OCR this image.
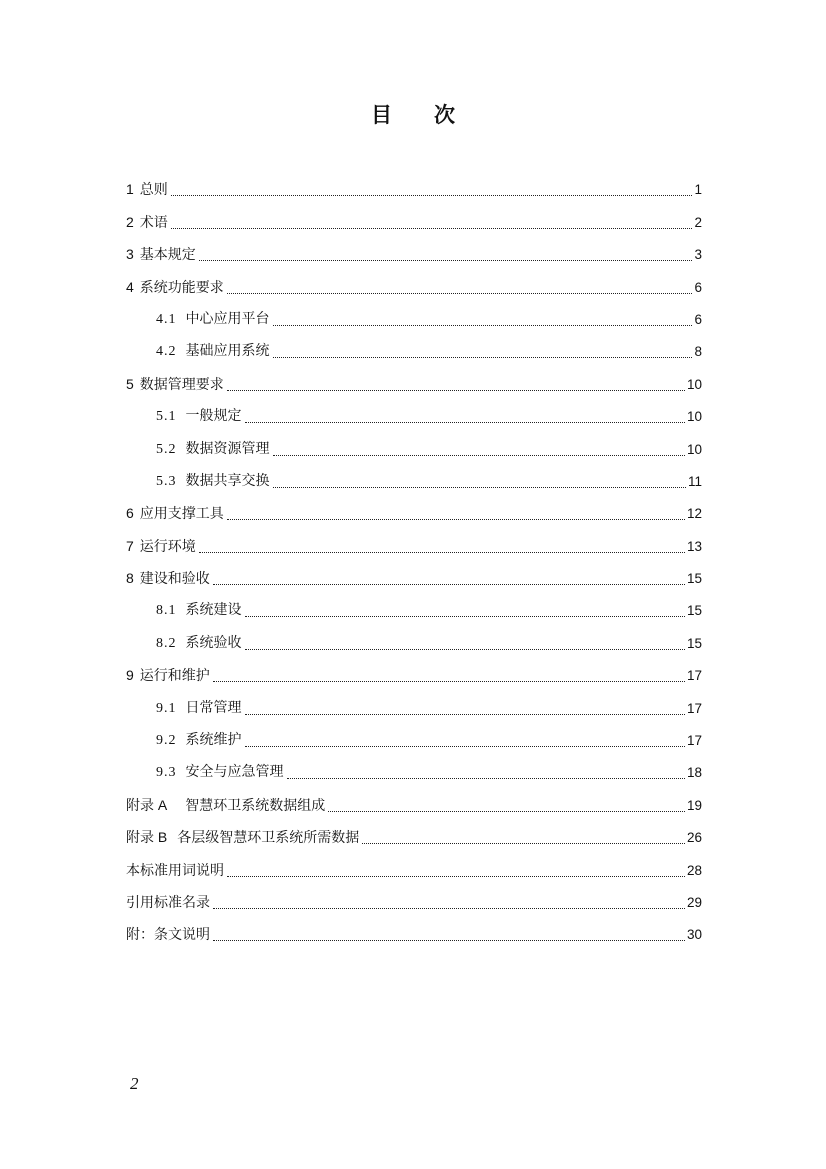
目　　次
1 总则	1
2 术语	2
3 基本规定	3
4 系统功能要求	6
4.1 中心应用平台	6
4.2 基础应用系统	8
5 数据管理要求	10
5.1 一般规定	10
5.2 数据资源管理	10
5.3 数据共享交换	11
6 应用支撑工具	12
7 运行环境	13
8 建设和验收	15
8.1 系统建设	15
8.2 系统验收	15
9 运行和维护	17
9.1 日常管理	17
9.2 系统维护	17
9.3 安全与应急管理	18
附录 A 智慧环卫系统数据组成	19
附录 B 各层级智慧环卫系统所需数据	26
本标准用词说明	28
引用标准名录	29
附：条文说明	30
2
